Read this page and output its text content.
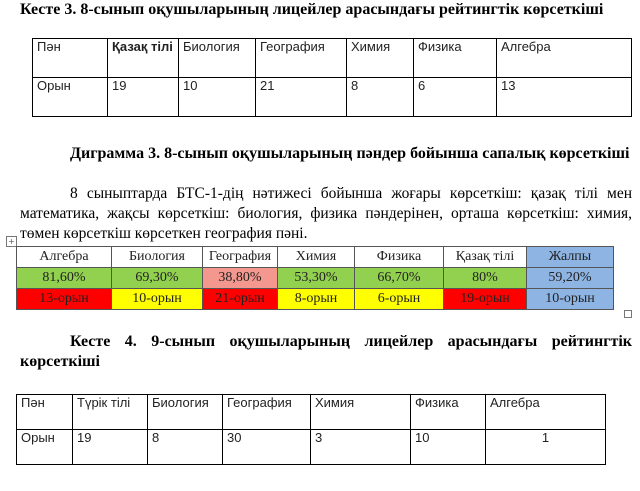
Кесте 3. 8-сынып оқушыларының лицейлер арасындағы рейтингтік көрсеткіші
Пән	Қазақ тілі	Биология	География	Химия	Физика	Алгебра
Орын	19	10	21	8	6	13
Диграмма 3. 8-сынып оқушыларының пәндер бойынша сапалық көрсеткіші
8 сыныптарда БТС-1-дің нәтижесі бойынша жоғары көрсеткіш: қазақ тілі мен математика, жақсы көрсеткіш: биология, физика пәндерінен, орташа көрсеткіш: химия, төмен көрсеткіш көрсеткен география пәні.
+
Алгебра	Биология	География	Химия	Физика	Қазақ тілі	Жалпы
81,60%	69,30%	38,80%	53,30%	66,70%	80%	59,20%
13-орын	10-орын	21-орын	8-орын	6-орын	19-орын	10-орын
Кесте 4. 9-сынып оқушыларының лицейлер арасындағы рейтингтік көрсеткіші
Пән	Түрік тілі	Биология	География	Химия	Физика	Алгебра
Орын	19	8	30	3	10	1
